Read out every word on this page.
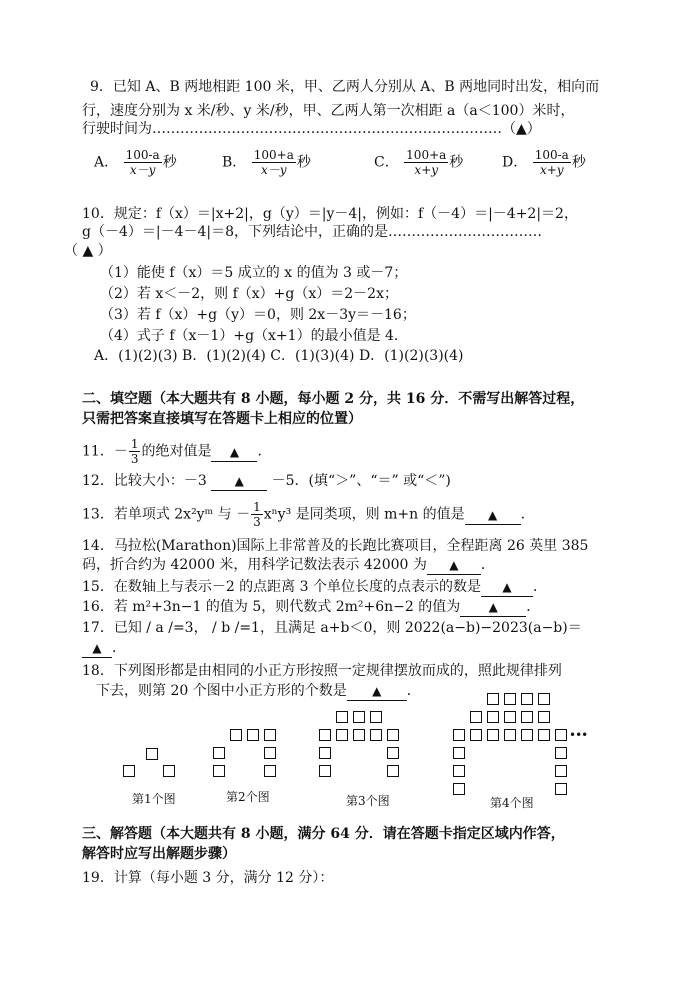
9．已知 A、B 两地相距 100 米，甲、乙两人分别从 A、B 两地同时出发，相向而
行，速度分别为 x 米/秒、y 米/秒，甲、乙两人第一次相距 a（a＜100）米时，
行驶时间为…………………………………………………………………（▲）
A． $\frac{100-a}{x-y}$ 秒	B． $\frac{100+a}{x-y}$ 秒	C． $\frac{100+a}{x+y}$ 秒	D． $\frac{100-a}{x+y}$ 秒
10．规定：f（x）＝|x+2|，g（y）＝|y－4|，例如：f（－4）＝|－4+2|＝2，
g（－4）＝|－4－4|＝8，下列结论中，正确的是……………………………
（ ▲ ）
（1）能使 f（x）＝5 成立的 x 的值为 3 或－7；
（2）若 x＜－2，则 f（x）+g（x）＝2－2x；
（3）若 f（x）+g（y）＝0，则 2x－3y＝－16；
（4）式子 f（x－1）+g（x+1）的最小值是 4.
A．(1)(2)(3) B．(1)(2)(4) C．(1)(3)(4) D．(1)(2)(3)(4)
二、填空题（本大题共有 8 小题，每小题 2 分，共 16 分．不需写出解答过程，
只需把答案直接填写在答题卡上相应的位置）
11．－ $\frac{1}{3}$ 的绝对值是 ▲ ．
12．比较大小：－3 ▲ －5．(填“＞”、“＝” 或“＜”)
13．若单项式 2x²yᵐ 与 － $\frac{1}{3} x^ny^3$ 是同类项，则 m+n 的值是 ▲ ．
14．马拉松(Marathon)国际上非常普及的长跑比赛项目，全程距离 26 英里 385
码，折合约为 42000 米，用科学记数法表示 42000 为 ▲ ．
15．在数轴上与表示－2 的点距离 3 个单位长度的点表示的数是 ▲ ．
16．若 m²+3n−1 的值为 5，则代数式 2m²+6n−2 的值为 ▲ ．
17．已知 / a /=3， / b /=1，且满足 a+b＜0，则 2022(a−b)−2023(a−b)＝
▲ ．
18．下列图形都是由相同的小正方形按照一定规律摆放而成的，照此规律排列
下去，则第 20 个图中小正方形的个数是 ▲ ．
第1个图	第2个图	第3个图	第4个图
•••
三、解答题（本大题共有 8 小题，满分 64 分．请在答题卡指定区域内作答，
解答时应写出解题步骤）
19．计算（每小题 3 分，满分 12 分）：
